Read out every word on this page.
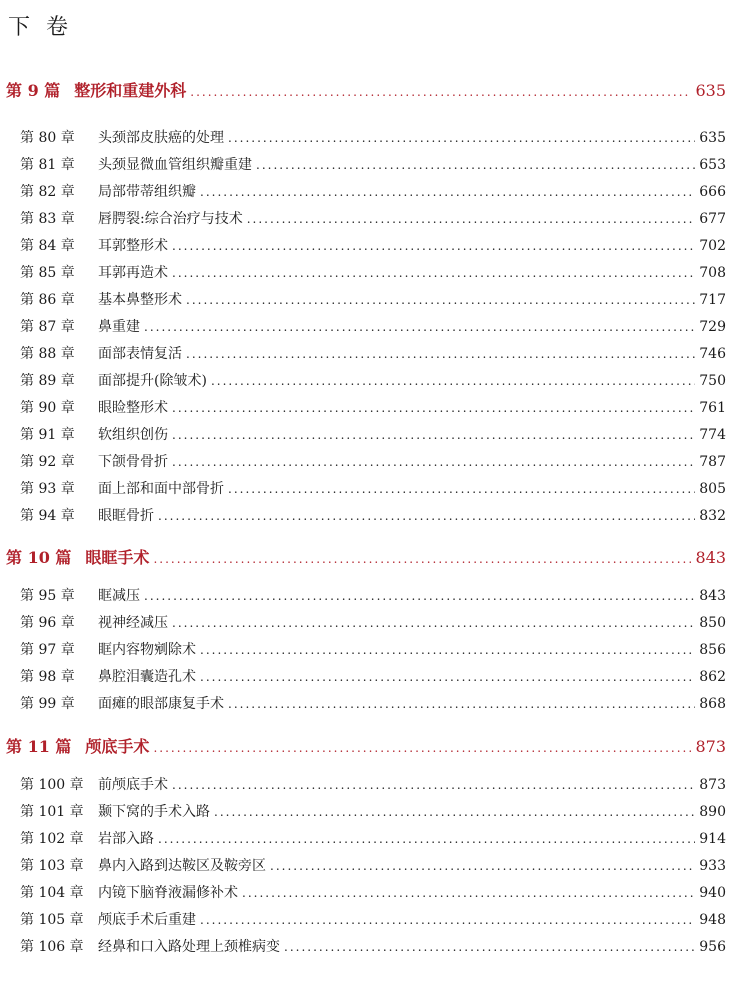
下卷
第 9 篇 整形和重建外科 .....	635
第 80 章	头颈部皮肤癌的处理 .....	635
第 81 章	头颈显微血管组织瓣重建 .....	653
第 82 章	局部带蒂组织瓣 .....	666
第 83 章	唇腭裂:综合治疗与技术 .....	677
第 84 章	耳郭整形术 .....	702
第 85 章	耳郭再造术 .....	708
第 86 章	基本鼻整形术 .....	717
第 87 章	鼻重建 .....	729
第 88 章	面部表情复活 .....	746
第 89 章	面部提升(除皱术) .....	750
第 90 章	眼睑整形术 .....	761
第 91 章	软组织创伤 .....	774
第 92 章	下颌骨骨折 .....	787
第 93 章	面上部和面中部骨折 .....	805
第 94 章	眼眶骨折 .....	832
第 10 篇 眼眶手术 .....	843
第 95 章	眶减压 .....	843
第 96 章	视神经减压 .....	850
第 97 章	眶内容物剜除术 .....	856
第 98 章	鼻腔泪囊造孔术 .....	862
第 99 章	面瘫的眼部康复手术 .....	868
第 11 篇 颅底手术 .....	873
第 100 章	前颅底手术 .....	873
第 101 章	颞下窝的手术入路 .....	890
第 102 章	岩部入路 .....	914
第 103 章	鼻内入路到达鞍区及鞍旁区 .....	933
第 104 章	内镜下脑脊液漏修补术 .....	940
第 105 章	颅底手术后重建 .....	948
第 106 章	经鼻和口入路处理上颈椎病变 .....	956
